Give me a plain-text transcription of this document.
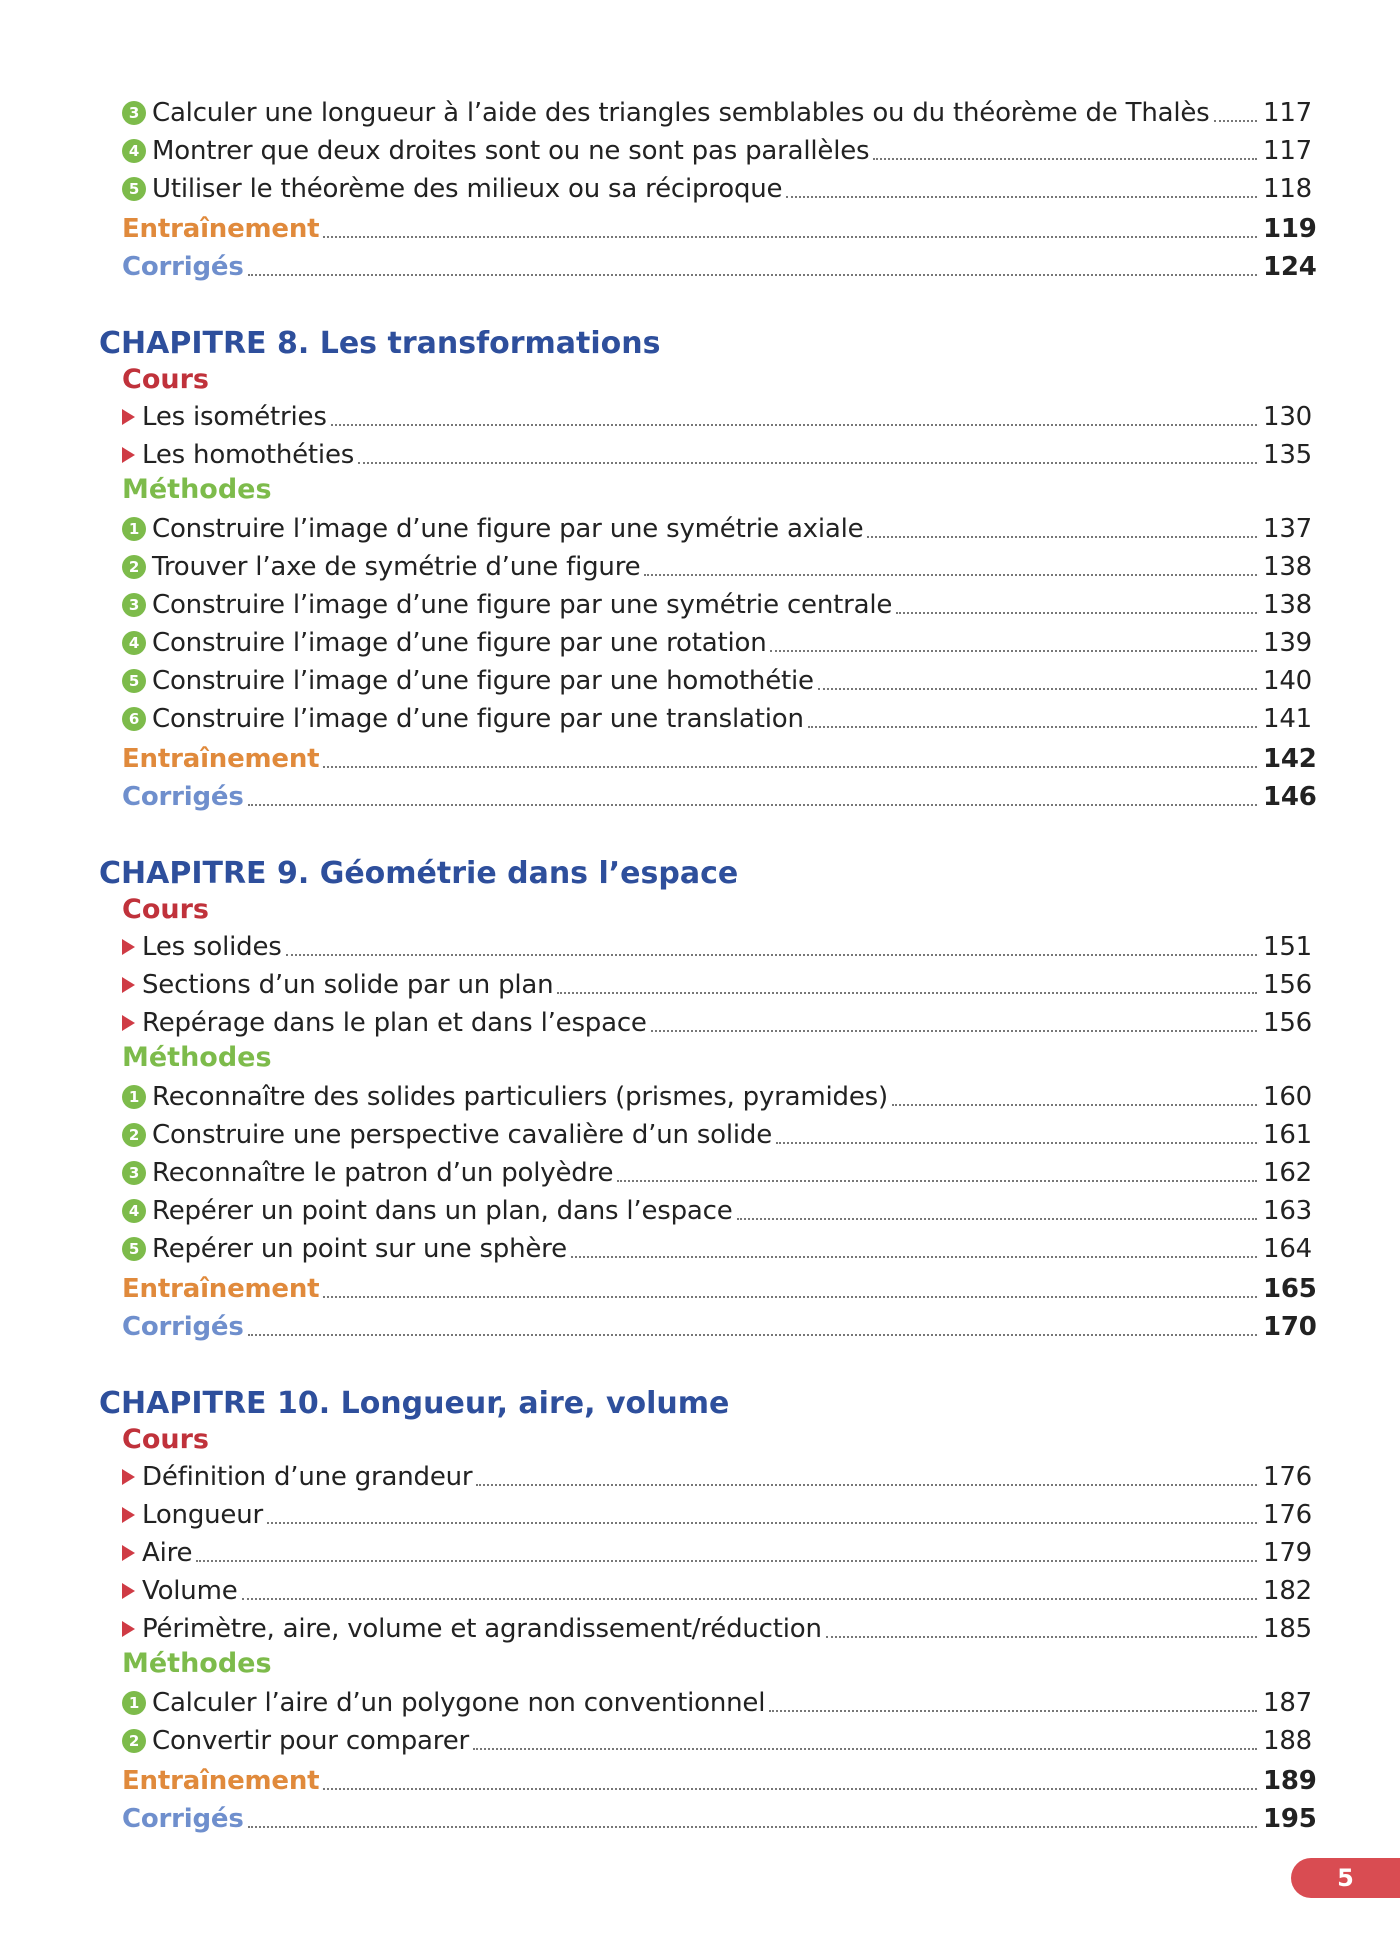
3 Calculer une longueur à l’aide des triangles semblables ou du théorème de Thalès 117
4 Montrer que deux droites sont ou ne sont pas parallèles	117
5 Utiliser le théorème des milieux ou sa réciproque	118
Entraînement	119
Corrigés	124
CHAPITRE 8. Les transformations
Cours
Les isométries	130
Les homothéties	135
Méthodes
1 Construire l’image d’une figure par une symétrie axiale	137
2 Trouver l’axe de symétrie d’une figure	138
3 Construire l’image d’une figure par une symétrie centrale	138
4 Construire l’image d’une figure par une rotation	139
5 Construire l’image d’une figure par une homothétie	140
6 Construire l’image d’une figure par une translation	141
Entraînement	142
Corrigés	146
CHAPITRE 9. Géométrie dans l’espace
Cours
Les solides	151
Sections d’un solide par un plan	156
Repérage dans le plan et dans l’espace	156
Méthodes
1 Reconnaître des solides particuliers (prismes, pyramides)	160
2 Construire une perspective cavalière d’un solide	161
3 Reconnaître le patron d’un polyèdre	162
4 Repérer un point dans un plan, dans l’espace	163
5 Repérer un point sur une sphère	164
Entraînement	165
Corrigés	170
CHAPITRE 10. Longueur, aire, volume
Cours
Définition d’une grandeur	176
Longueur	176
Aire	179
Volume	182
Périmètre, aire, volume et agrandissement/réduction	185
Méthodes
1 Calculer l’aire d’un polygone non conventionnel	187
2 Convertir pour comparer	188
Entraînement	189
Corrigés	195
5
